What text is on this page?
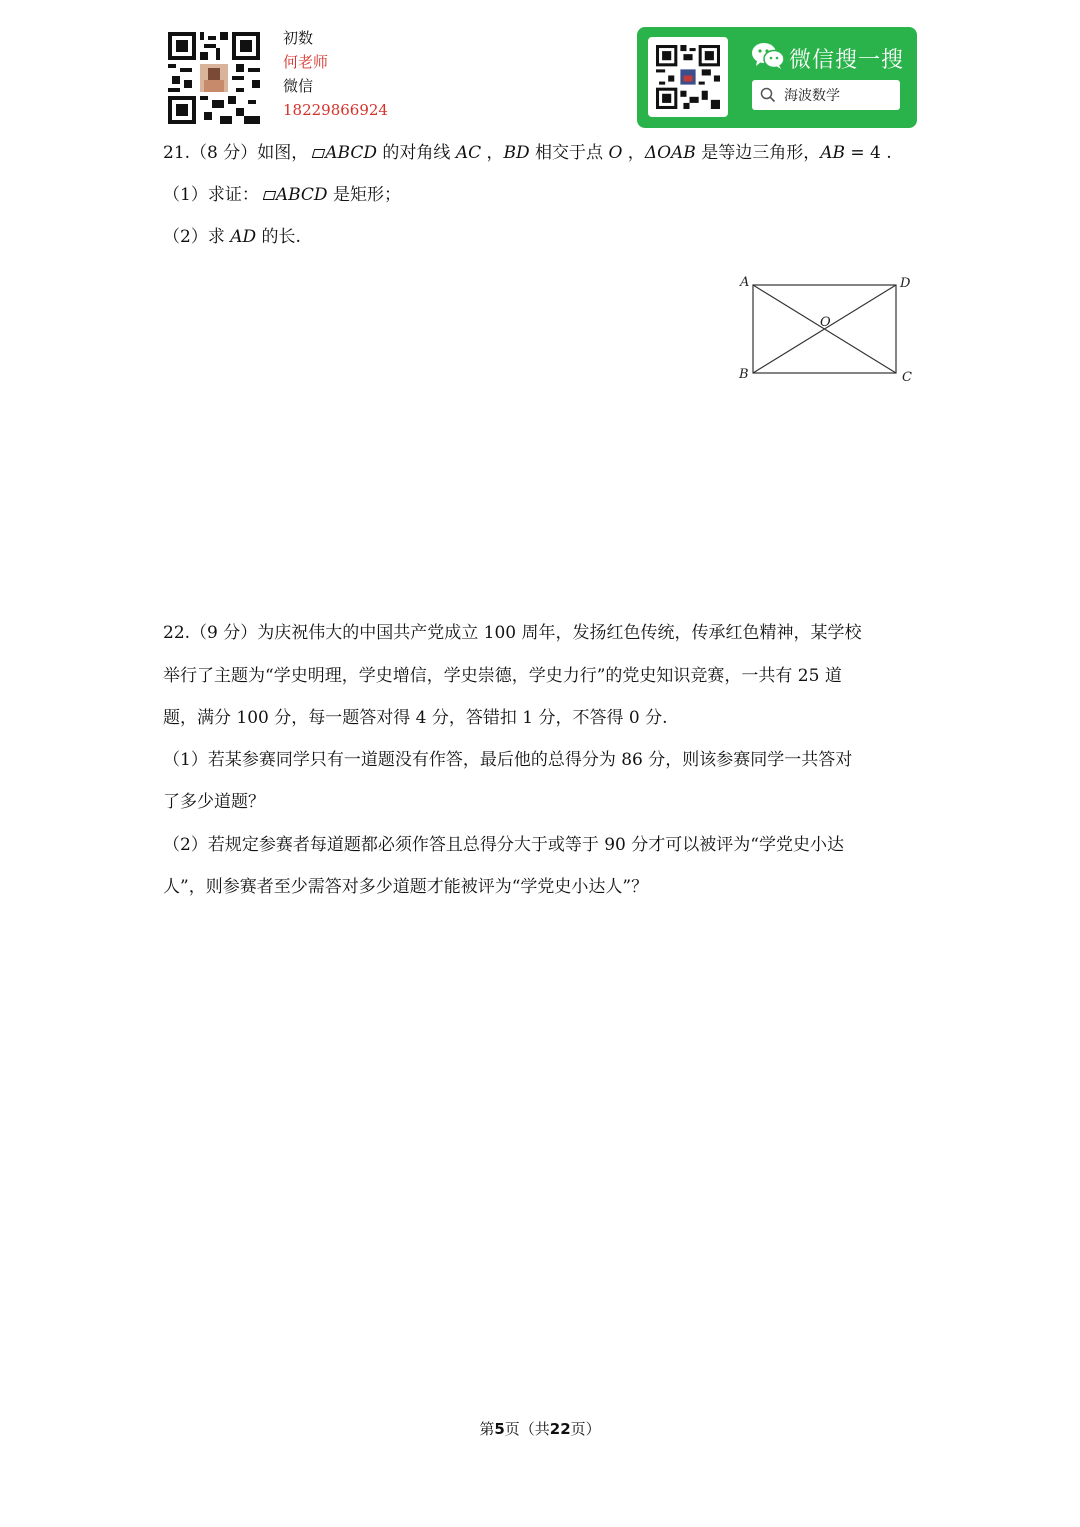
初数
何老师
微信
18229866924
微信搜一搜
海波数学
21.（8 分）如图， ABCD 的对角线 AC ，BD 相交于点 O ，ΔOAB 是等边三角形，AB = 4 .
（1）求证： ABCD 是矩形；
（2）求 AD 的长.
A	D
O
B	C
22.（9 分）为庆祝伟大的中国共产党成立 100 周年，发扬红色传统，传承红色精神，某学校
举行了主题为“学史明理，学史增信，学史崇德，学史力行”的党史知识竞赛，一共有 25 道
题，满分 100 分，每一题答对得 4 分，答错扣 1 分，不答得 0 分.
（1）若某参赛同学只有一道题没有作答，最后他的总得分为 86 分，则该参赛同学一共答对
了多少道题？
（2）若规定参赛者每道题都必须作答且总得分大于或等于 90 分才可以被评为“学党史小达
人”，则参赛者至少需答对多少道题才能被评为“学党史小达人”？
第5页（共22页）
